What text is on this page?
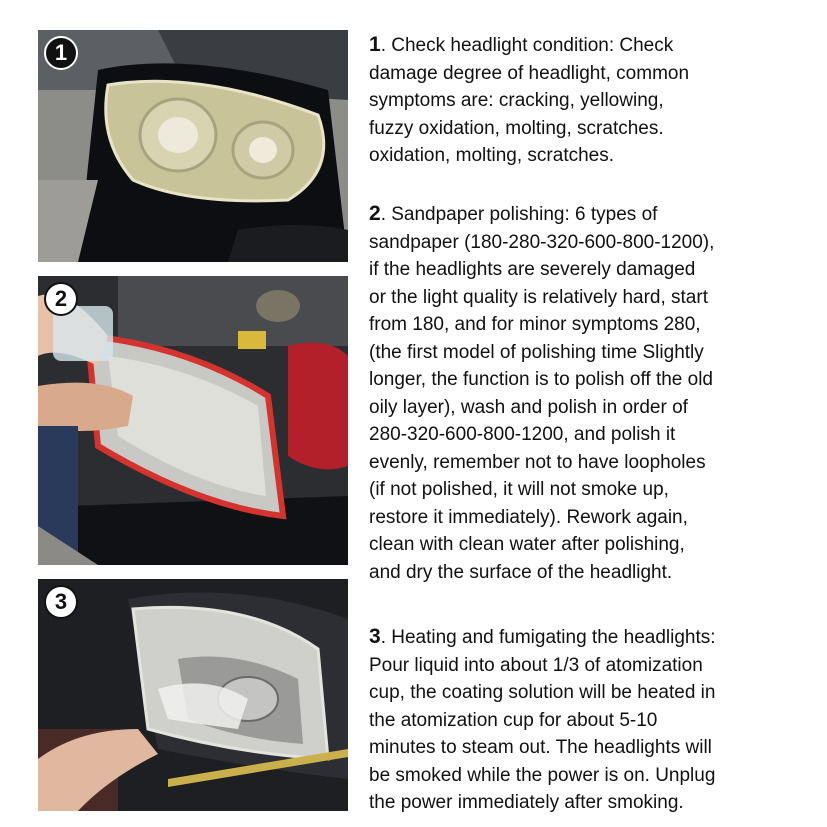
1
2
3

1. Check headlight condition: Check

damage degree of headlight, common

symptoms are: cracking, yellowing,

fuzzy oxidation, molting, scratches.

oxidation, molting, scratches.

2. Sandpaper polishing: 6 types of

sandpaper (180-280-320-600-800-1200),

if the headlights are severely damaged

or the light quality is relatively hard, start

from 180, and for minor symptoms 280,

(the first model of polishing time Slightly

longer, the function is to polish off the old

oily layer), wash and polish in order of

280-320-600-800-1200, and polish it

evenly, remember not to have loopholes

(if not polished, it will not smoke up,

restore it immediately). Rework again,

clean with clean water after polishing,

and dry the surface of the headlight.

3. Heating and fumigating the headlights:

Pour liquid into about 1/3 of atomization

cup, the coating solution will be heated in

the atomization cup for about 5-10

minutes to steam out. The headlights will

be smoked while the power is on. Unplug

the power immediately after smoking.
